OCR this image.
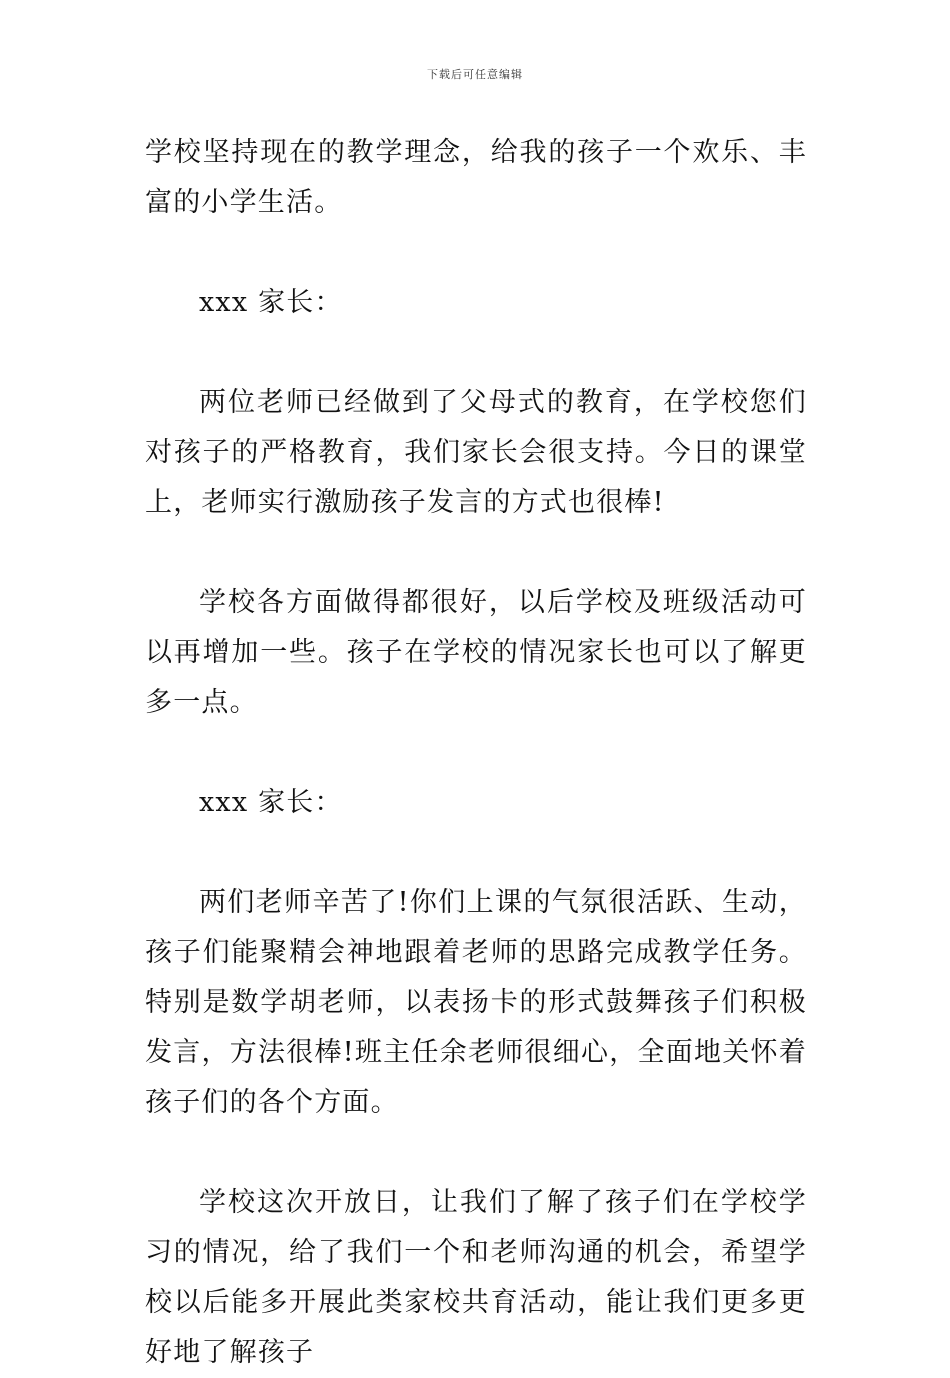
下载后可任意编辑

学校坚持现在的教学理念，给我的孩子一个欢乐、丰富的小学生活。

xxx 家长：

两位老师已经做到了父母式的教育，在学校您们对孩子的严格教育，我们家长会很支持。今日的课堂上，老师实行激励孩子发言的方式也很棒!

学校各方面做得都很好，以后学校及班级活动可以再增加一些。孩子在学校的情况家长也可以了解更多一点。

xxx 家长：

两们老师辛苦了!你们上课的气氛很活跃、生动，孩子们能聚精会神地跟着老师的思路完成教学任务。特别是数学胡老师，以表扬卡的形式鼓舞孩子们积极发言，方法很棒!班主任余老师很细心，全面地关怀着孩子们的各个方面。

学校这次开放日，让我们了解了孩子们在学校学习的情况，给了我们一个和老师沟通的机会，希望学校以后能多开展此类家校共育活动，能让我们更多更好地了解孩子
